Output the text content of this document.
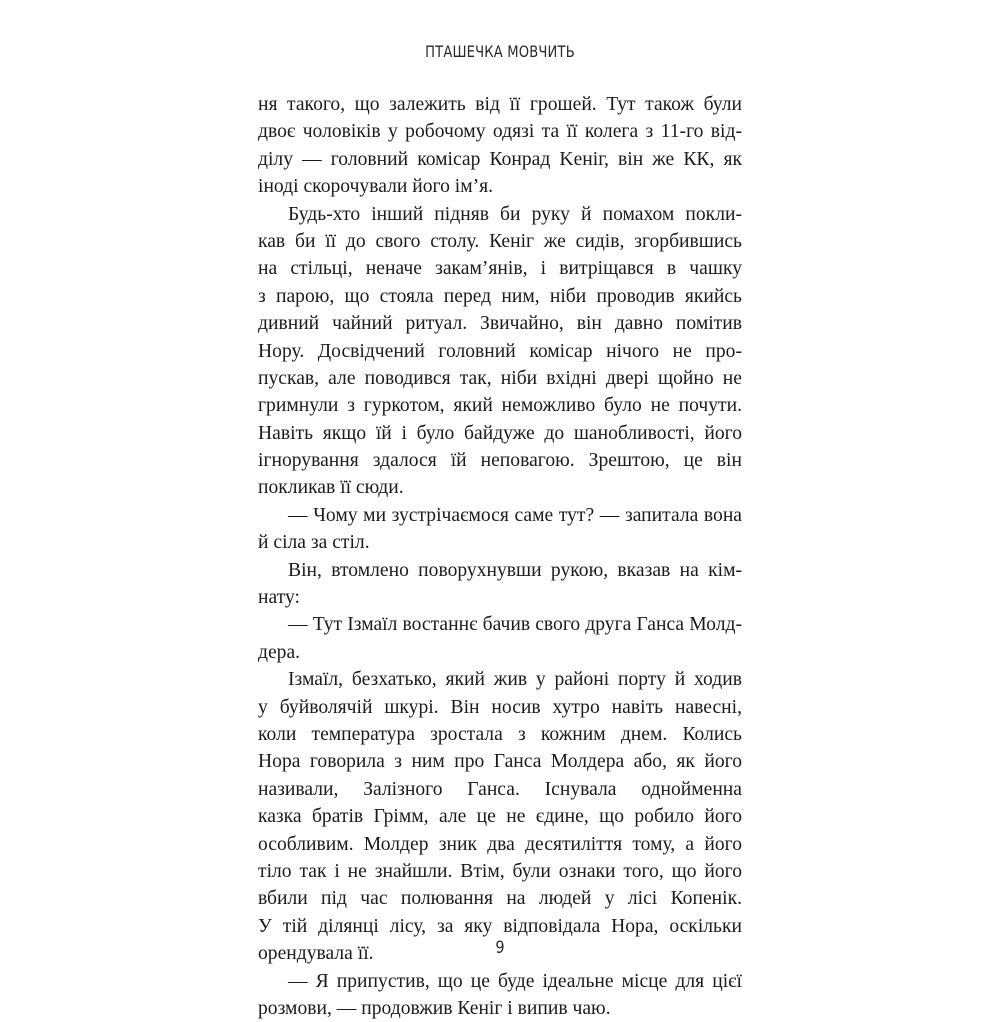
ПТАШЕЧКА МОВЧИТЬ
ня такого, що залежить від її грошей. Тут також були
двоє чоловіків у робочому одязі та її колега з 11-го від-
ділу — головний комісар Конрад Keніг, він же КК, як
іноді скорочували його ім’я.
Будь-хто інший підняв би руку й помахом покли-
кав би її до свого столу. Кеніг же сидів, згорбившись
на стільці, неначе закам’янів, і витріщався в чашку
з парою, що стояла перед ним, ніби проводив якийсь
дивний чайний ритуал. Звичайно, він давно помітив
Нору. Досвідчений головний комісар нічого не про-
пускав, але поводився так, ніби вхідні двері щойно не
гримнули з гуркотом, який неможливо було не почути.
Навіть якщо їй і було байдуже до шанобливості, його
ігнорування здалося їй неповагою. Зрештою, це він
покликав її сюди.
— Чому ми зустрічаємося саме тут? — запитала вона
й сіла за стіл.
Він, втомлено поворухнувши рукою, вказав на кім-
нату:
— Тут Ізмаїл востаннє бачив свого друга Ганса Молд-
дера.
Ізмаїл, безхатько, який жив у районі порту й ходив
у буйволячій шкурі. Він носив хутро навіть навесні,
коли температура зростала з кожним днем. Колись
Нора говорила з ним про Ганса Молдера або, як його
називали, Залізного Ганса. Існувала однойменна
казка братів Грімм, але це не єдине, що робило його
особливим. Молдер зник два десятиліття тому, а його
тіло так і не знайшли. Втім, були ознаки того, що його
вбили під час полювання на людей у лісі Копенік.
У тій ділянці лісу, за яку відповідала Нора, оскільки
орендувала її.
— Я припустив, що це буде ідеальне місце для цієї
розмови, — продовжив Кеніг і випив чаю.
9
